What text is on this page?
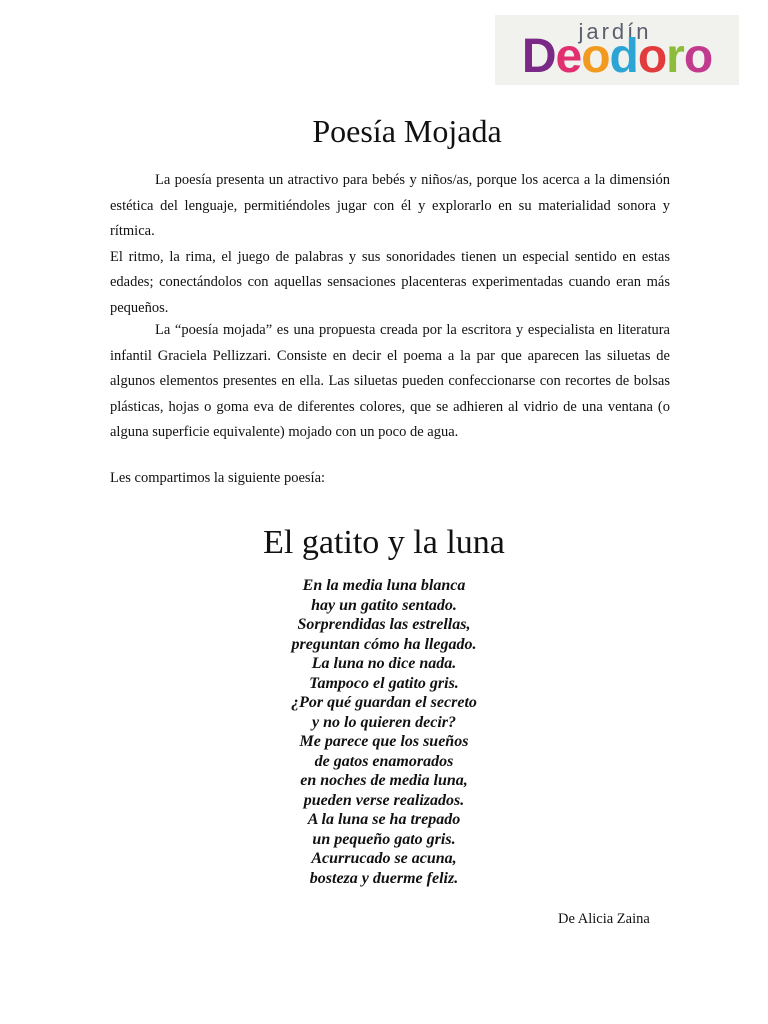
jardín
Deodoro
Poesía Mojada
La poesía presenta un atractivo para bebés y niños/as, porque los acerca a la dimensión estética del lenguaje, permitiéndoles jugar con él y explorarlo en su materialidad sonora y rítmica.
El ritmo, la rima, el juego de palabras y sus sonoridades tienen un especial sentido en estas edades; conectándolos con aquellas sensaciones placenteras experimentadas cuando eran más pequeños.
La “poesía mojada” es una propuesta creada por la escritora y especialista en literatura infantil Graciela Pellizzari. Consiste en decir el poema a la par que aparecen las siluetas de algunos elementos presentes en ella. Las siluetas pueden confeccionarse con recortes de bolsas plásticas, hojas o goma eva de diferentes colores, que se adhieren al vidrio de una ventana (o alguna superficie equivalente) mojado con un poco de agua.

Les compartimos la siguiente poesía:

El gatito y la luna
En la media luna blanca
hay un gatito sentado.
Sorprendidas las estrellas,
preguntan cómo ha llegado.
La luna no dice nada.
Tampoco el gatito gris.
¿Por qué guardan el secreto
y no lo quieren decir?
Me parece que los sueños
de gatos enamorados
en noches de media luna,
pueden verse realizados.
A la luna se ha trepado
un pequeño gato gris.
Acurrucado se acuna,
bosteza y duerme feliz.
De Alicia Zaina
